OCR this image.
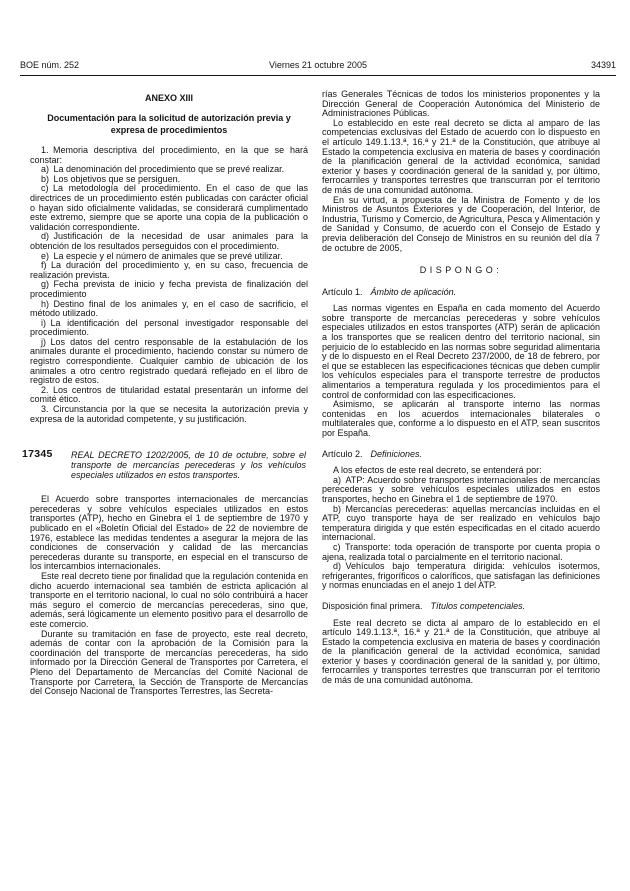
BOE núm. 252	Viernes 21 octubre 2005	34391
ANEXO XIII
Documentación para la solicitud de autorización previa y expresa de procedimientos

1. Memoria descriptiva del procedimiento, en la que se hará constar:

a) La denominación del procedimiento que se prevé realizar.

b) Los objetivos que se persiguen.

c) La metodología del procedimiento. En el caso de que las directrices de un procedimiento estén publicadas con carácter oficial o hayan sido oficialmente validadas, se considerará cumplimentado este extremo, siempre que se aporte una copia de la publicación o validación correspondiente.

d) Justificación de la necesidad de usar animales para la obtención de los resultados perseguidos con el procedimiento.

e) La especie y el número de animales que se prevé utilizar.

f) La duración del procedimiento y, en su caso, frecuencia de realización prevista.

g) Fecha prevista de inicio y fecha prevista de finalización del procedimiento

h) Destino final de los animales y, en el caso de sacrificio, el método utilizado.

i) La identificación del personal investigador responsable del procedimiento.

j) Los datos del centro responsable de la estabulación de los animales durante el procedimiento, haciendo constar su número de registro correspondiente. Cualquier cambio de ubicación de los animales a otro centro registrado quedará reflejado en el libro de registro de estos.

2. Los centros de titularidad estatal presentarán un informe del comité ético.

3. Circunstancia por la que se necesita la autorización previa y expresa de la autoridad competente, y su justificación.

17345	REAL DECRETO 1202/2005, de 10 de octubre, sobre el transporte de mercancías perecederas y los vehículos especiales utilizados en estos transportes.

El Acuerdo sobre transportes internacionales de mercancías perecederas y sobre vehículos especiales utilizados en estos transportes (ATP), hecho en Ginebra el 1 de septiembre de 1970 y publicado en el «Boletín Oficial del Estado» de 22 de noviembre de 1976, establece las medidas tendentes a asegurar la mejora de las condiciones de conservación y calidad de las mercancías perecederas durante su transporte, en especial en el transcurso de los intercambios internacionales.

Este real decreto tiene por finalidad que la regulación contenida en dicho acuerdo internacional sea también de estricta aplicación al transporte en el territorio nacional, lo cual no sólo contribuirá a hacer más seguro el comercio de mercancías perecederas, sino que, además, será lógicamente un elemento positivo para el desarrollo de este comercio.

Durante su tramitación en fase de proyecto, este real decreto, además de contar con la aprobación de la Comisión para la coordinación del transporte de mercancías perecederas, ha sido informado por la Dirección General de Transportes por Carretera, el Pleno del Departamento de Mercancías del Comité Nacional de Transporte por Carretera, la Sección de Transporte de Mercancías del Consejo Nacional de Transportes Terrestres, las Secreta-

rías Generales Técnicas de todos los ministerios proponentes y la Dirección General de Cooperación Autonómica del Ministerio de Administraciones Públicas.

Lo establecido en este real decreto se dicta al amparo de las competencias exclusivas del Estado de acuerdo con lo dispuesto en el artículo 149.1.13.ª, 16.ª y 21.ª de la Constitución, que atribuye al Estado la competencia exclusiva en materia de bases y coordinación de la planificación general de la actividad económica, sanidad exterior y bases y coordinación general de la sanidad y, por último, ferrocarriles y transportes terrestres que transcurran por el territorio de más de una comunidad autónoma.

En su virtud, a propuesta de la Ministra de Fomento y de los Ministros de Asuntos Exteriores y de Cooperación, del Interior, de Industria, Turismo y Comercio, de Agricultura, Pesca y Alimentación y de Sanidad y Consumo, de acuerdo con el Consejo de Estado y previa deliberación del Consejo de Ministros en su reunión del día 7 de octubre de 2005,

DISPONGO:

Artículo 1. Ámbito de aplicación.

Las normas vigentes en España en cada momento del Acuerdo sobre transporte de mercancías perecederas y sobre vehículos especiales utilizados en estos transportes (ATP) serán de aplicación a los transportes que se realicen dentro del territorio nacional, sin perjuicio de lo establecido en las normas sobre seguridad alimentaria y de lo dispuesto en el Real Decreto 237/2000, de 18 de febrero, por el que se establecen las especificaciones técnicas que deben cumplir los vehículos especiales para el transporte terrestre de productos alimentarios a temperatura regulada y los procedimientos para el control de conformidad con las especificaciones.

Asimismo, se aplicarán al transporte interno las normas contenidas en los acuerdos internacionales bilaterales o multilaterales que, conforme a lo dispuesto en el ATP, sean suscritos por España.

Artículo 2. Definiciones.

A los efectos de este real decreto, se entenderá por:

a) ATP: Acuerdo sobre transportes internacionales de mercancías perecederas y sobre vehículos especiales utilizados en estos transportes, hecho en Ginebra el 1 de septiembre de 1970.

b) Mercancías perecederas: aquellas mercancías incluidas en el ATP, cuyo transporte haya de ser realizado en vehículos bajo temperatura dirigida y que estén especificadas en el citado acuerdo internacional.

c) Transporte: toda operación de transporte por cuenta propia o ajena, realizada total o parcialmente en el territorio nacional.

d) Vehículos bajo temperatura dirigida: vehículos isotermos, refrigerantes, frigoríficos o caloríficos, que satisfagan las definiciones y normas enunciadas en el anejo 1 del ATP.

Disposición final primera. Títulos competenciales.

Este real decreto se dicta al amparo de lo establecido en el artículo 149.1.13.ª, 16.ª y 21.ª de la Constitución, que atribuye al Estado la competencia exclusiva en materia de bases y coordinación de la planificación general de la actividad económica, sanidad exterior y bases y coordinación general de la sanidad y, por último, ferrocarriles y transportes terrestres que transcurran por el territorio de más de una comunidad autónoma.
